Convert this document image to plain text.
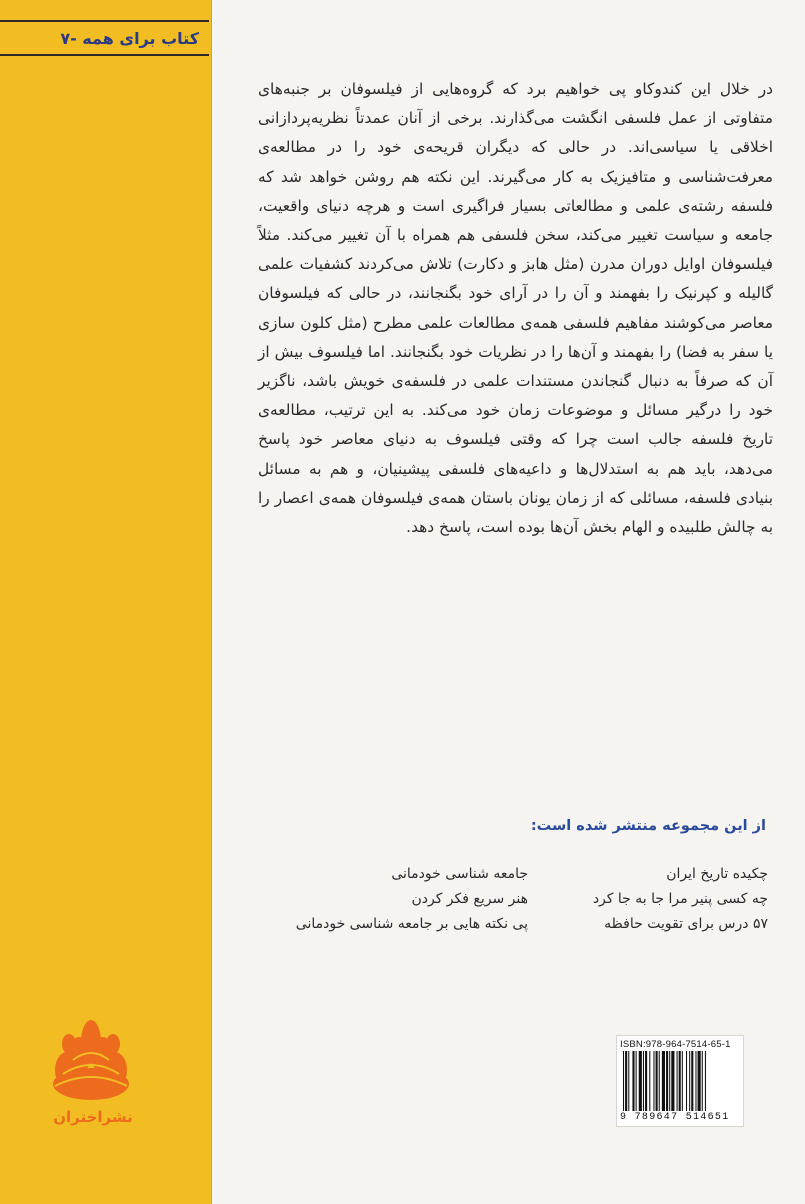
کتاب برای همه -۷
نشراختران
در خلال این کندوکاو پی خواهیم برد که گروه‌هایی از فیلسوفان بر جنبه‌های متفاوتی از عمل فلسفی انگشت می‌گذارند. برخی از آنان عمدتاً نظریه‌پردازانی اخلاقی یا سیاسی‌اند. در حالی که دیگران قریحه‌ی خود را در مطالعه‌ی معرفت‌شناسی و متافیزیک به کار می‌گیرند. این نکته هم روشن خواهد شد که فلسفه رشته‌ی علمی و مطالعاتی بسیار فراگیری است و هرچه دنیای واقعیت، جامعه و سیاست تغییر می‌کند، سخن فلسفی هم همراه با آن تغییر می‌کند. مثلاً فیلسوفان اوایل دوران مدرن (مثل هابز و دکارت) تلاش می‌کردند کشفیات علمی گالیله و کپرنیک را بفهمند و آن را در آرای خود بگنجانند، در حالی که فیلسوفان معاصر می‌کوشند مفاهیم فلسفی همه‌ی مطالعات علمی مطرح (مثل کلون سازی یا سفر به فضا) را بفهمند و آن‌ها را در نظریات خود بگنجانند. اما فیلسوف بیش از آن که صرفاً به دنبال گنجاندن مستندات علمی در فلسفه‌ی خویش باشد، ناگزیر خود را درگیر مسائل و موضوعات زمان خود می‌کند. به این ترتیب، مطالعه‌ی تاریخ فلسفه جالب است چرا که وقتی فیلسوف به دنیای معاصر خود پاسخ می‌دهد، باید هم به استدلال‌ها و داعیه‌های فلسفی پیشینیان، و هم به مسائل بنیادی فلسفه، مسائلی که از زمان یونان باستان همه‌ی فیلسوفان همه‌ی اعصار را به چالش طلبیده و الهام بخش آن‌ها بوده است، پاسخ دهد.
از این مجموعه منتشر شده است:
چکیده تاریخ ایران
چه کسی پنیر مرا جا به جا کرد
۵۷ درس برای تقویت حافظه
جامعه شناسی خودمانی
هنر سریع فکر کردن
پی نکته هایی بر جامعه شناسی خودمانی
ISBN:978-964-7514-65-1
9 789647 514651
